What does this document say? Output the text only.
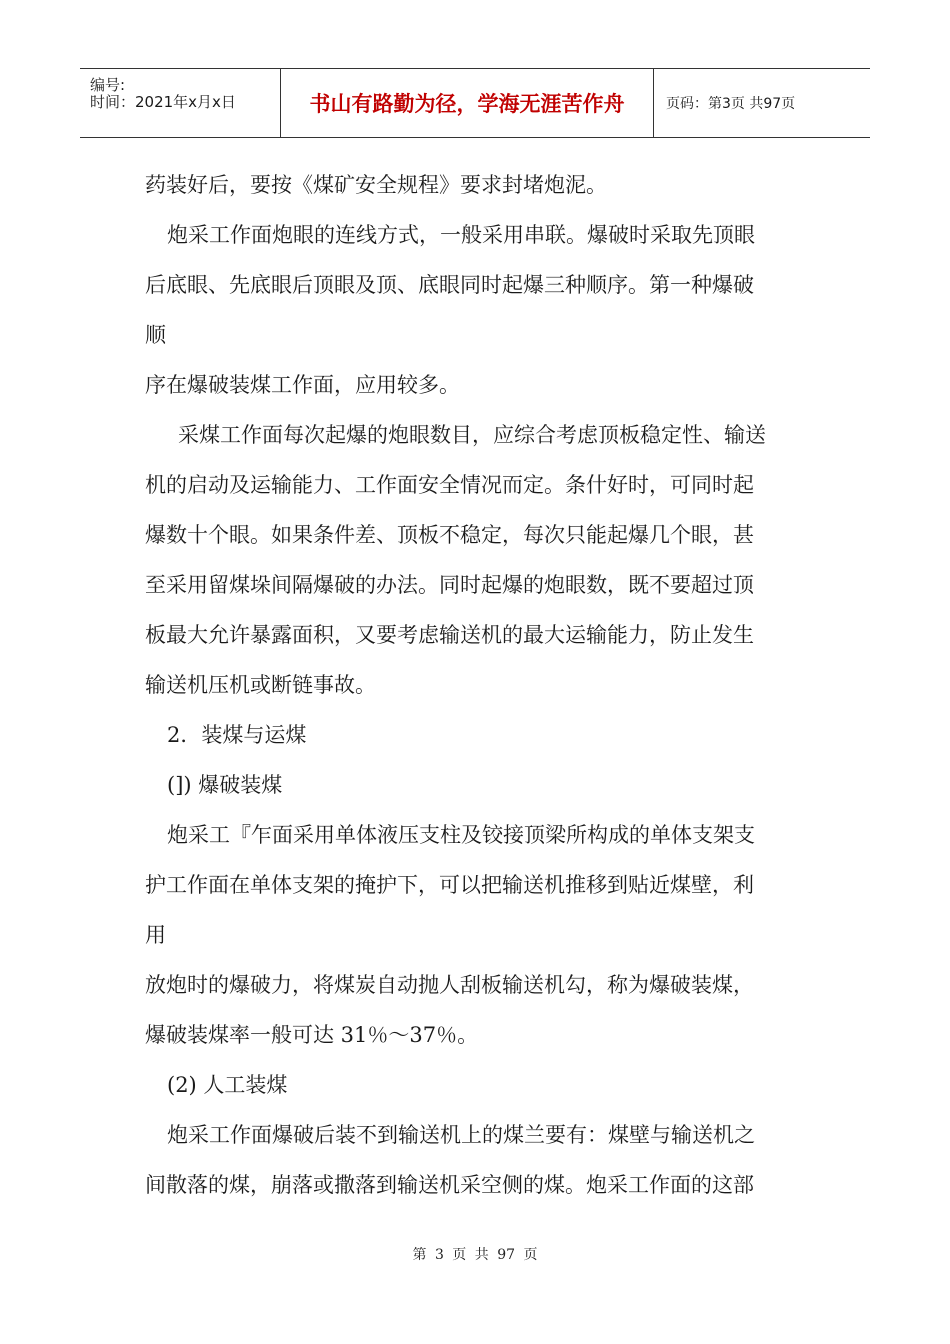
编号:
时间：2021年x月x日	书山有路勤为径，学海无涯苦作舟	页码：第3页 共97页
药装好后，要按《煤矿安全规程》要求封堵炮泥。
炮采工作面炮眼的连线方式，一般采用串联。爆破时采取先顶眼
后底眼、先底眼后顶眼及顶、底眼同时起爆三种顺序。第一种爆破
顺
序在爆破装煤工作面，应用较多。
采煤工作面每次起爆的炮眼数目，应综合考虑顶板稳定性、输送
机的启动及运输能力、工作面安全情况而定。条什好时，可同时起
爆数十个眼。如果条件差、顶板不稳定，每次只能起爆几个眼，甚
至采用留煤垛间隔爆破的办法。同时起爆的炮眼数，既不要超过顶
板最大允许暴露面积，又要考虑输送机的最大运输能力，防止发生
输送机压机或断链事故。
2．装煤与运煤
(]) 爆破装煤
炮采工『乍面采用单体液压支柱及铰接顶梁所构成的单体支架支
护工作面在单体支架的掩护下，可以把输送机推移到贴近煤壁，利
用
放炮时的爆破力，将煤炭自动抛人刮板输送机勾，称为爆破装煤，
爆破装煤率一般可达 31％～37％。
(2) 人工装煤
炮采工作面爆破后装不到输送机上的煤兰要有：煤壁与输送机之
间散落的煤，崩落或撒落到输送机采空侧的煤。炮采工作面的这部
第 3 页 共 97 页
